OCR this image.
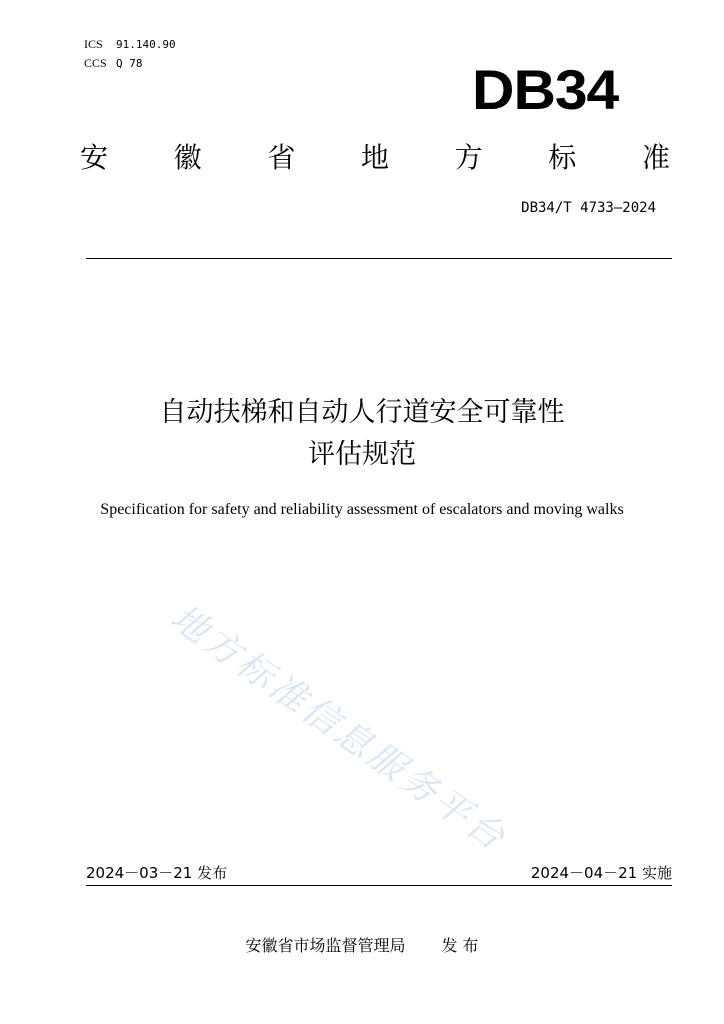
ICS 91.140.90
CCS Q 78	DB34
安 徽 省 地 方 标 准
DB34/T 4733—2024
自动扶梯和自动人行道安全可靠性
评估规范
Specification for safety and reliability assessment of escalators and moving walks
地方标准信息服务平台
2024－03－21 发布	2024－04－21 实施
安徽省市场监督管理局 发 布
